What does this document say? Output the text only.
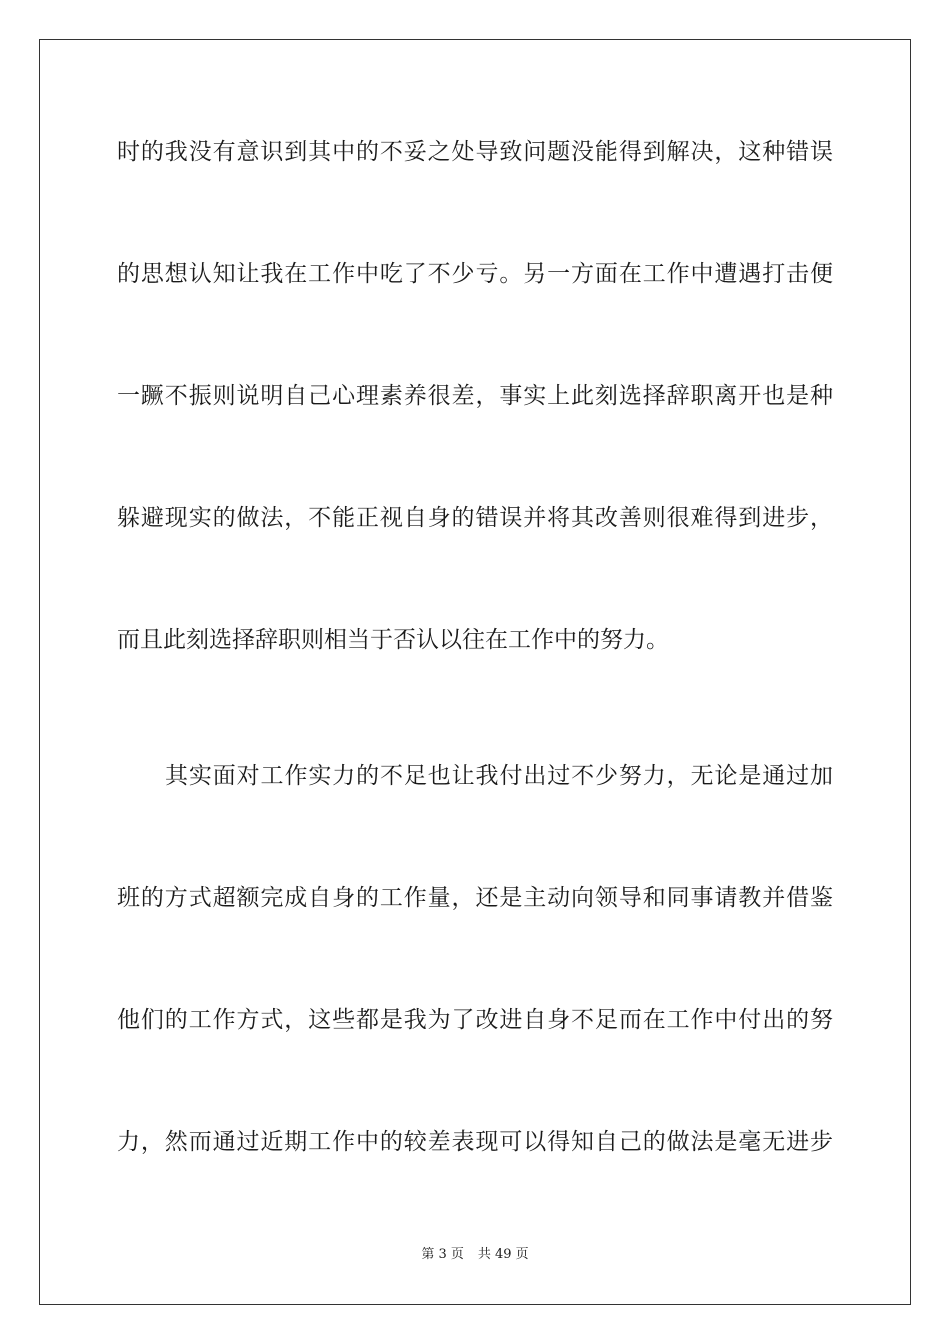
时的我没有意识到其中的不妥之处导致问题没能得到解决，这种错误
的思想认知让我在工作中吃了不少亏。另一方面在工作中遭遇打击便
一蹶不振则说明自己心理素养很差，事实上此刻选择辞职离开也是种
躲避现实的做法，不能正视自身的错误并将其改善则很难得到进步，
而且此刻选择辞职则相当于否认以往在工作中的努力。
其实面对工作实力的不足也让我付出过不少努力，无论是通过加
班的方式超额完成自身的工作量，还是主动向领导和同事请教并借鉴
他们的工作方式，这些都是我为了改进自身不足而在工作中付出的努
力，然而通过近期工作中的较差表现可以得知自己的做法是毫无进步
第 3 页 共 49 页
